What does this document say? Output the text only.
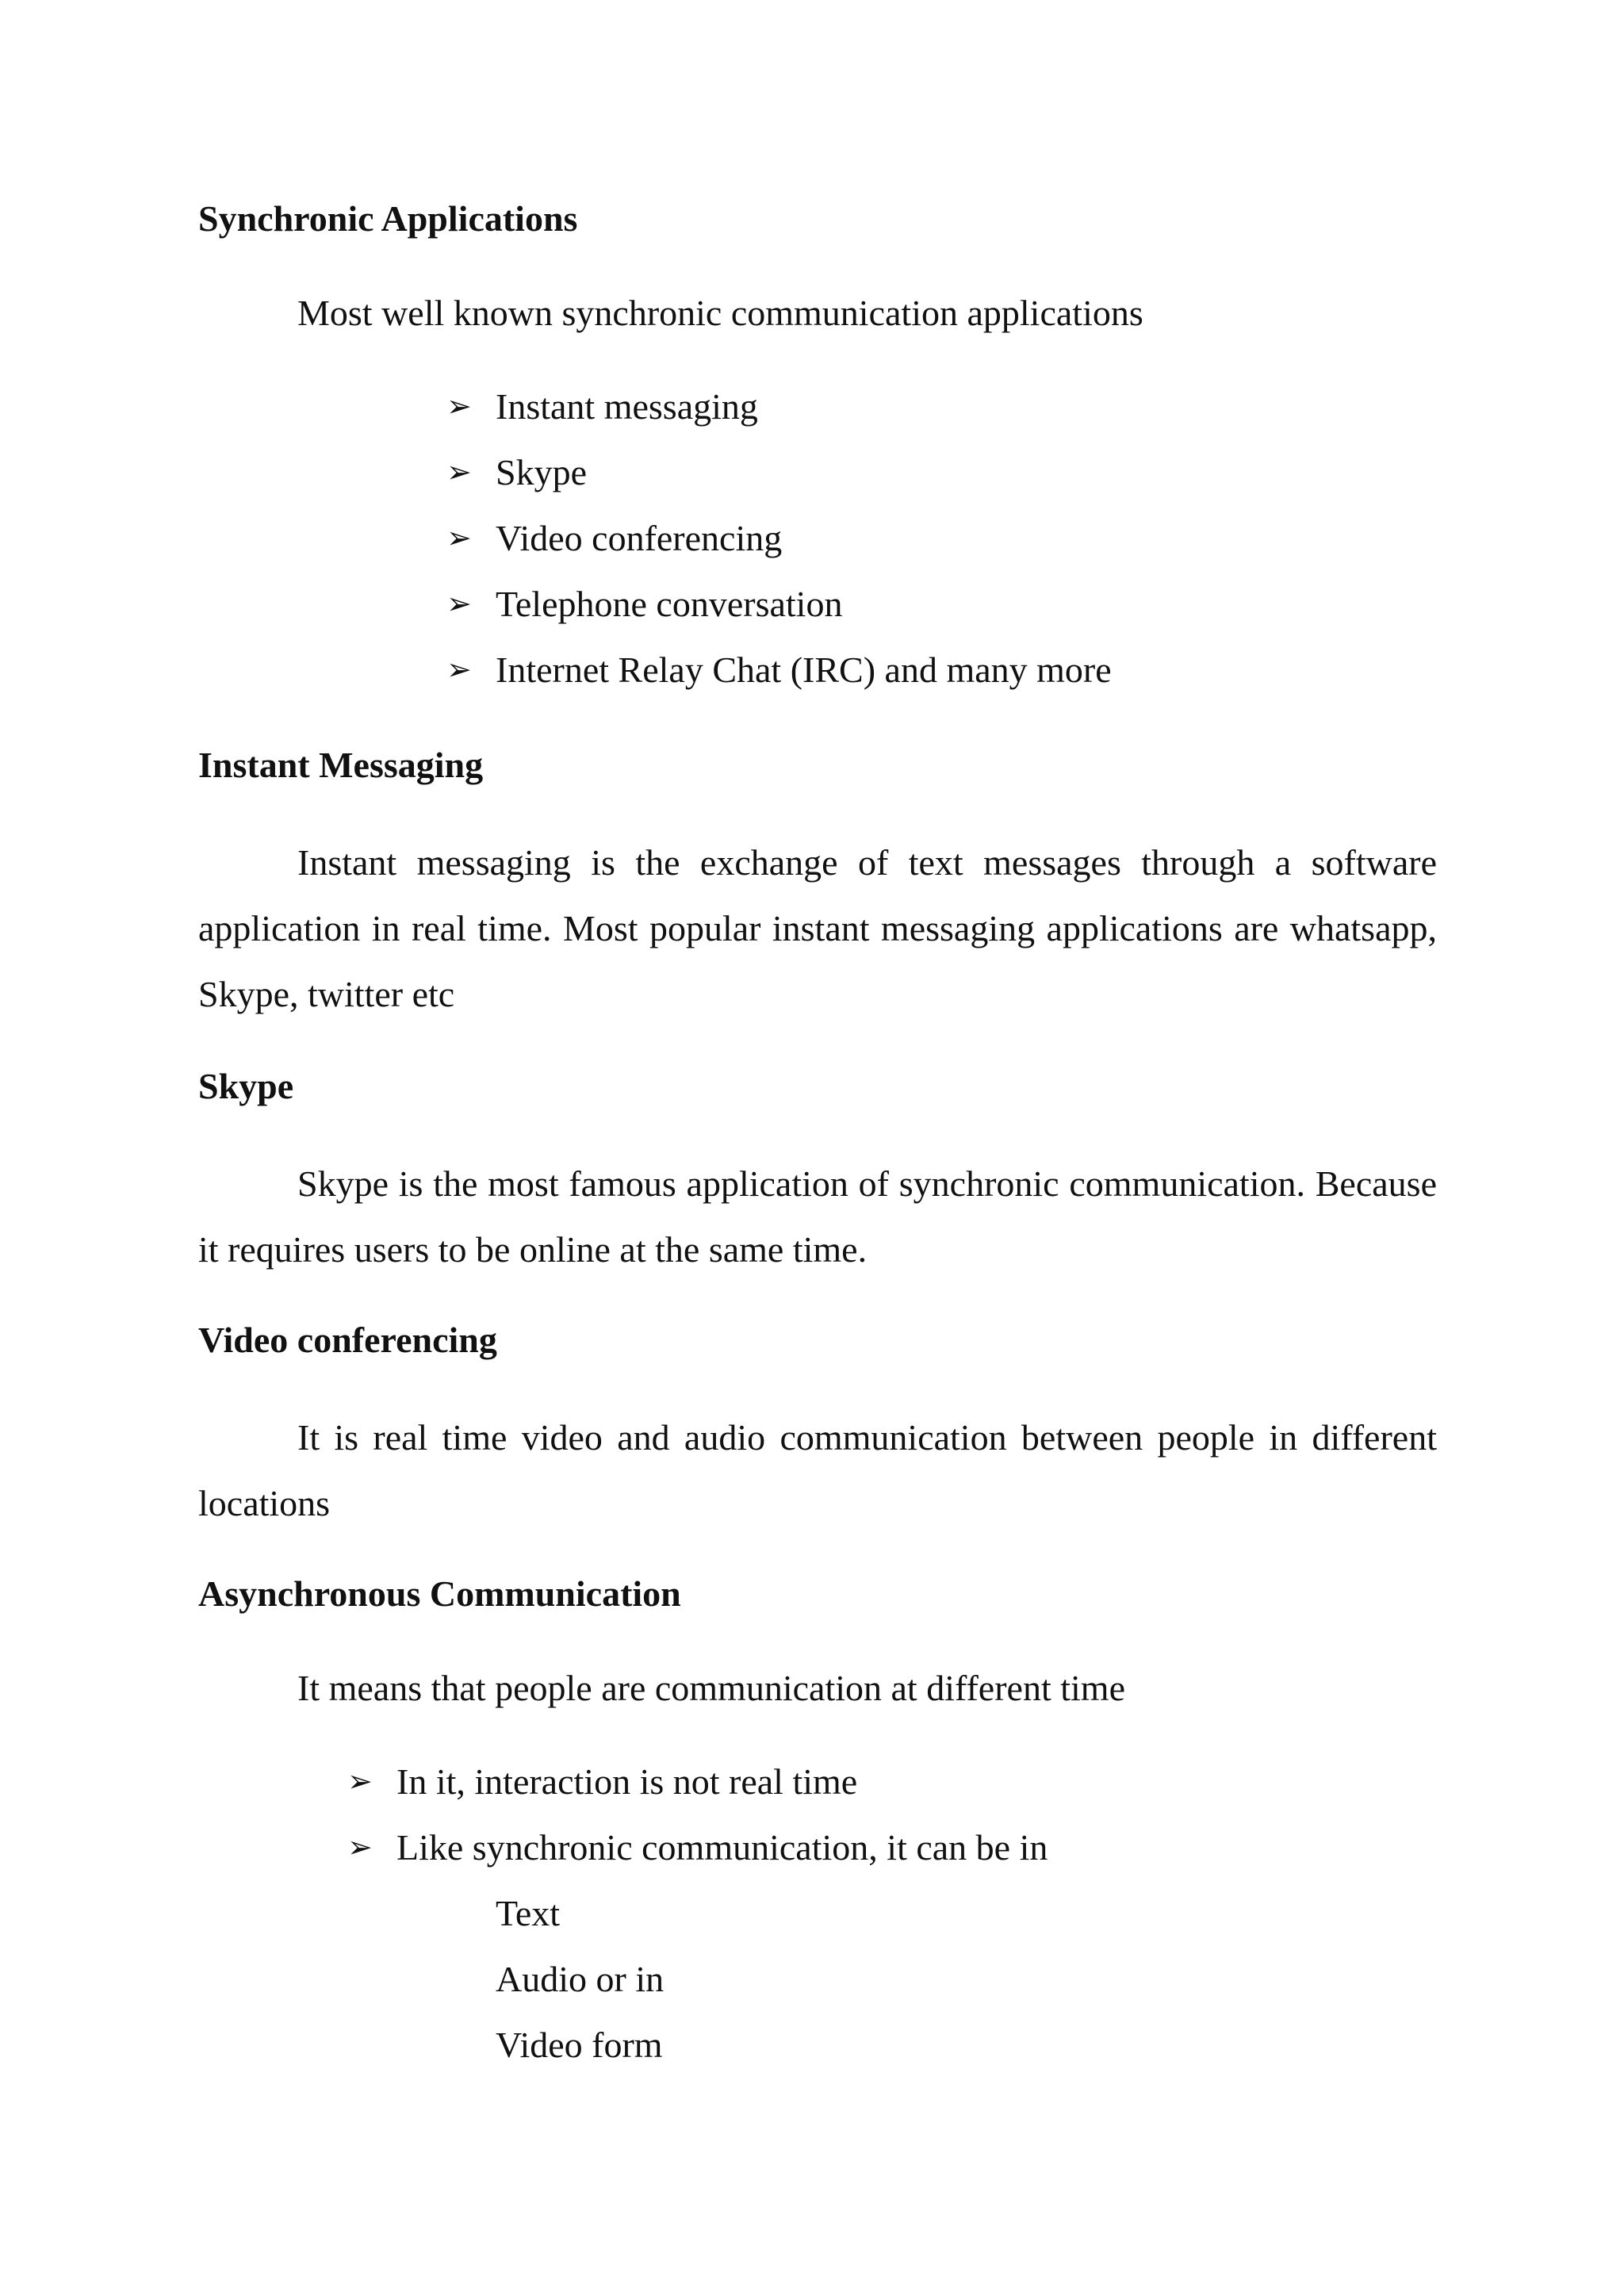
Synchronic Applications
Most well known synchronic communication applications
➢ Instant messaging
➢ Skype
➢ Video conferencing
➢ Telephone conversation
➢ Internet Relay Chat (IRC) and many more
Instant Messaging

Instant messaging is the exchange of text messages through a software application in real time. Most popular instant messaging applications are whatsapp, Skype, twitter etc

Skype

Skype is the most famous application of synchronic communication. Because it requires users to be online at the same time.

Video conferencing

It is real time video and audio communication between people in different locations

Asynchronous Communication
It means that people are communication at different time
➢ In it, interaction is not real time
➢ Like synchronic communication, it can be in
Text
Audio or in
Video form
